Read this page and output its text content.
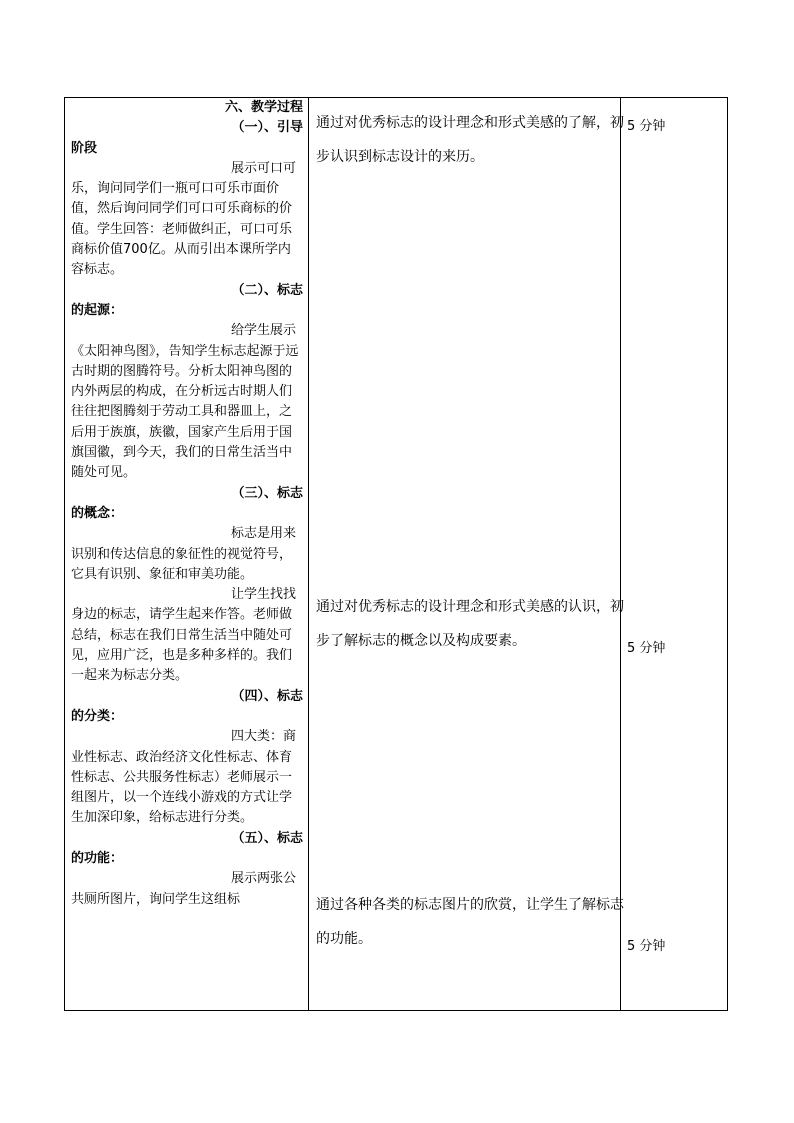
六、教学过程

（一）、引导

阶段

展示可口可乐，询问同学们一瓶可口可乐市面价值，然后询问同学们可口可乐商标的价值。学生回答：老师做纠正，可口可乐商标价值700亿。从而引出本课所学内容标志。

（二）、标志

的起源：

给学生展示《太阳神鸟图》，告知学生标志起源于远古时期的图腾符号。分析太阳神鸟图的内外两层的构成，在分析远古时期人们往往把图腾刻于劳动工具和器皿上，之后用于族旗，族徽，国家产生后用于国旗国徽，到今天，我们的日常生活当中随处可见。

（三）、标志

的概念：

标志是用来识别和传达信息的象征性的视觉符号，它具有识别、象征和审美功能。

让学生找找身边的标志，请学生起来作答。老师做总结，标志在我们日常生活当中随处可见，应用广泛，也是多种多样的。我们一起来为标志分类。

（四）、标志

的分类：

四大类：商业性标志、政治经济文化性标志、体育性标志、公共服务性标志）老师展示一组图片，以一个连线小游戏的方式让学生加深印象，给标志进行分类。

（五）、标志

的功能：

展示两张公共厕所图片，询问学生这组标

通过对优秀标志的设计理念和形式美感的了解，初步认识到标志设计的来历。

通过对优秀标志的设计理念和形式美感的认识，初步了解标志的概念以及构成要素。

通过各种各类的标志图片的欣赏，让学生了解标志的功能。

5 分钟
5 分钟
5 分钟
